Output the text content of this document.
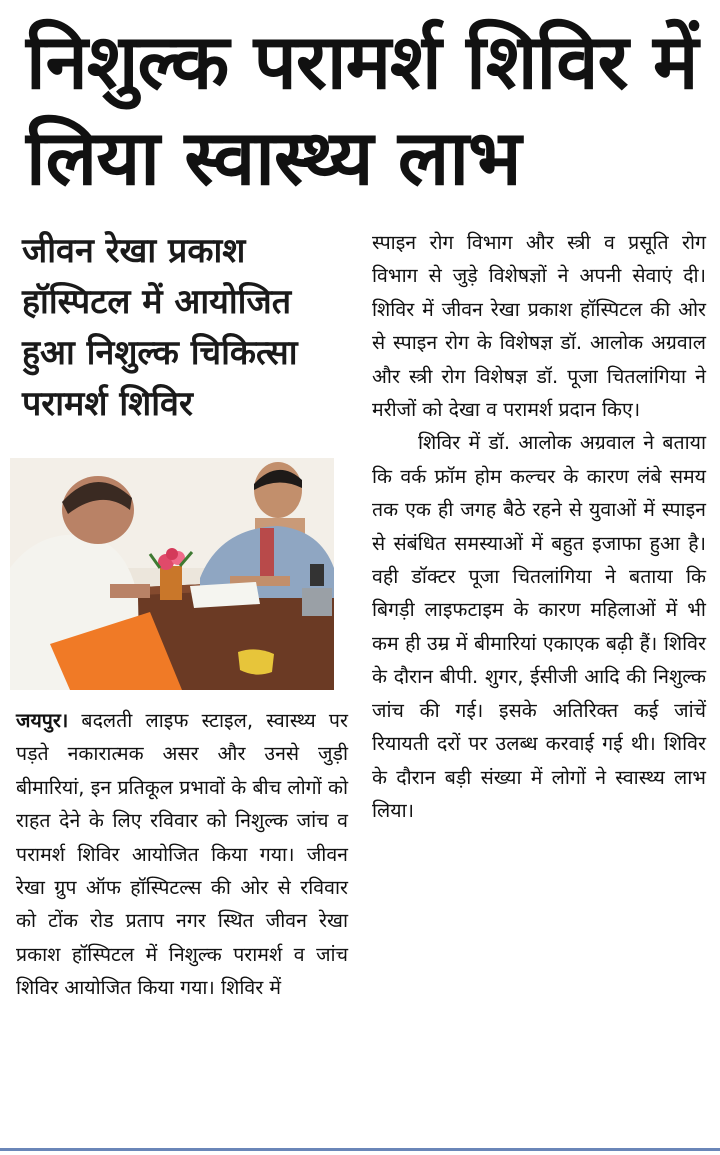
निशुल्क परामर्श शिविर में लिया स्वास्थ्य लाभ
जीवन रेखा प्रकाश हॉस्पिटल में आयोजित हुआ निशुल्क चिकित्सा परामर्श शिविर

जयपुर। बदलती लाइफ स्टाइल, स्वास्थ्य पर पड़ते नकारात्मक असर और उनसे जुड़ी बीमारियां, इन प्रतिकूल प्रभावों के बीच लोगों को राहत देने के लिए रविवार को निशुल्क जांच व परामर्श शिविर आयोजित किया गया। जीवन रेखा ग्रुप ऑफ हॉस्पिटल्स की ओर से रविवार को टोंक रोड प्रताप नगर स्थित जीवन रेखा प्रकाश हॉस्पिटल में निशुल्क परामर्श व जांच शिविर आयोजित किया गया। शिविर में

स्पाइन रोग विभाग और स्त्री व प्रसूति रोग विभाग से जुड़े विशेषज्ञों ने अपनी सेवाएं दी। शिविर में जीवन रेखा प्रकाश हॉस्पिटल की ओर से स्पाइन रोग के विशेषज्ञ डॉ. आलोक अग्रवाल और स्त्री रोग विशेषज्ञ डॉ. पूजा चितलांगिया ने मरीजों को देखा व परामर्श प्रदान किए।

शिविर में डॉ. आलोक अग्रवाल ने बताया कि वर्क फ्रॉम होम कल्चर के कारण लंबे समय तक एक ही जगह बैठे रहने से युवाओं में स्पाइन से संबंधित समस्याओं में बहुत इजाफा हुआ है। वही डॉक्टर पूजा चितलांगिया ने बताया कि बिगड़ी लाइफटाइम के कारण महिलाओं में भी कम ही उम्र में बीमारियां एकाएक बढ़ी हैं। शिविर के दौरान बीपी. शुगर, ईसीजी आदि की निशुल्क जांच की गई। इसके अतिरिक्त कई जांचें रियायती दरों पर उलब्ध करवाई गई थी। शिविर के दौरान बड़ी संख्या में लोगों ने स्वास्थ्य लाभ लिया।
